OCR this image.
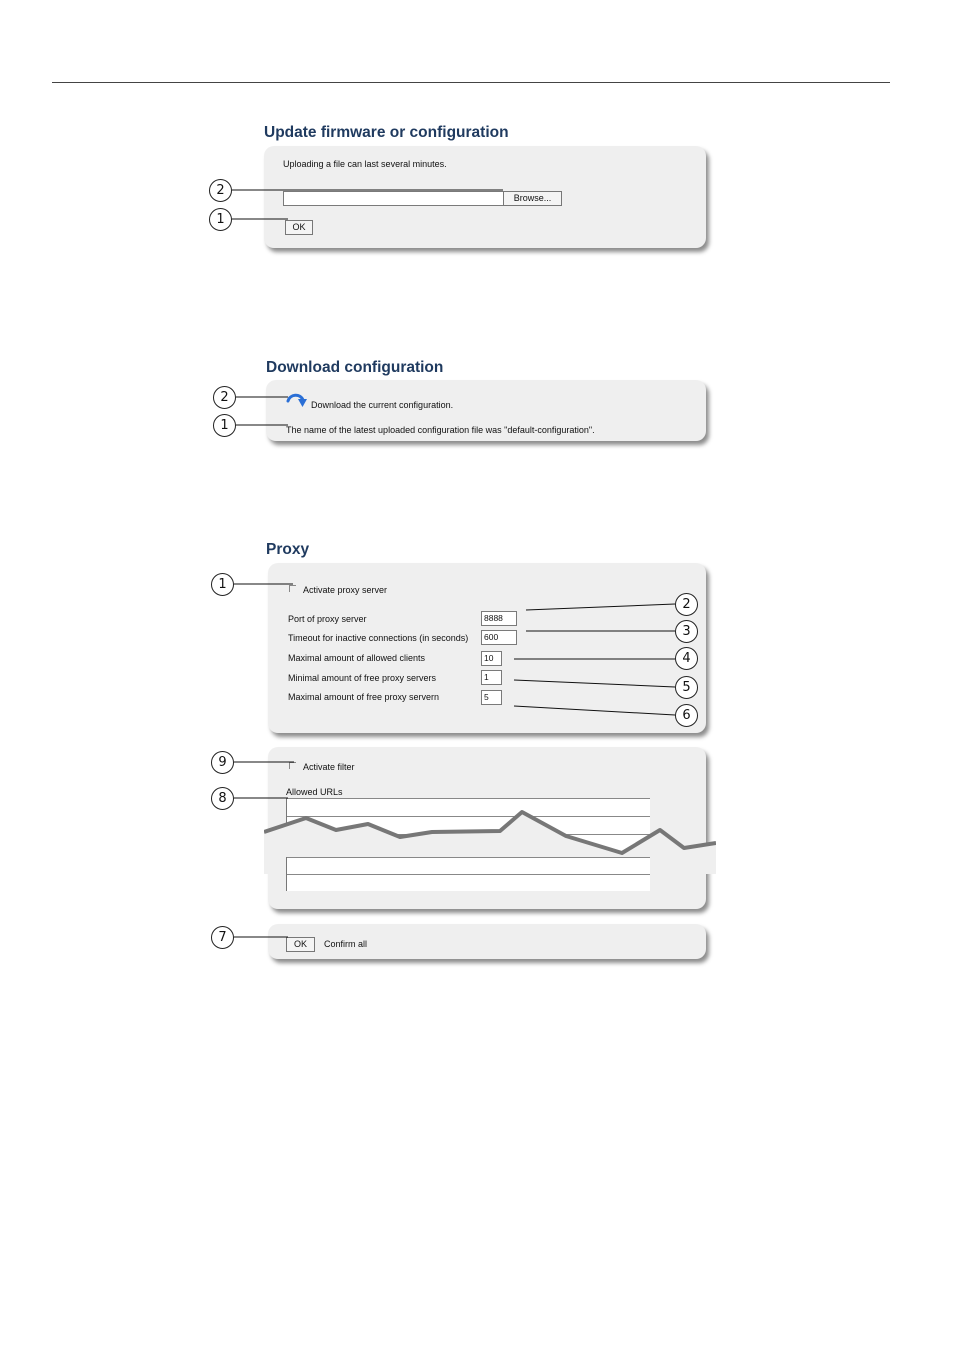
Update firmware or configuration
Uploading a file can last several minutes.
Browse...
OK
2
1
Download configuration
Download the current configuration.
The name of the latest uploaded configuration file was "default-configuration".
2
1
Proxy
Activate proxy server
Port of proxy server	8888
Timeout for inactive connections (in seconds)	600
Maximal amount of allowed clients	10
Minimal amount of free proxy servers	1
Maximal amount of free proxy servern	5
Activate filter
Allowed URLs
OK	Confirm all
1
2
3
4
5
6
9
8
7
